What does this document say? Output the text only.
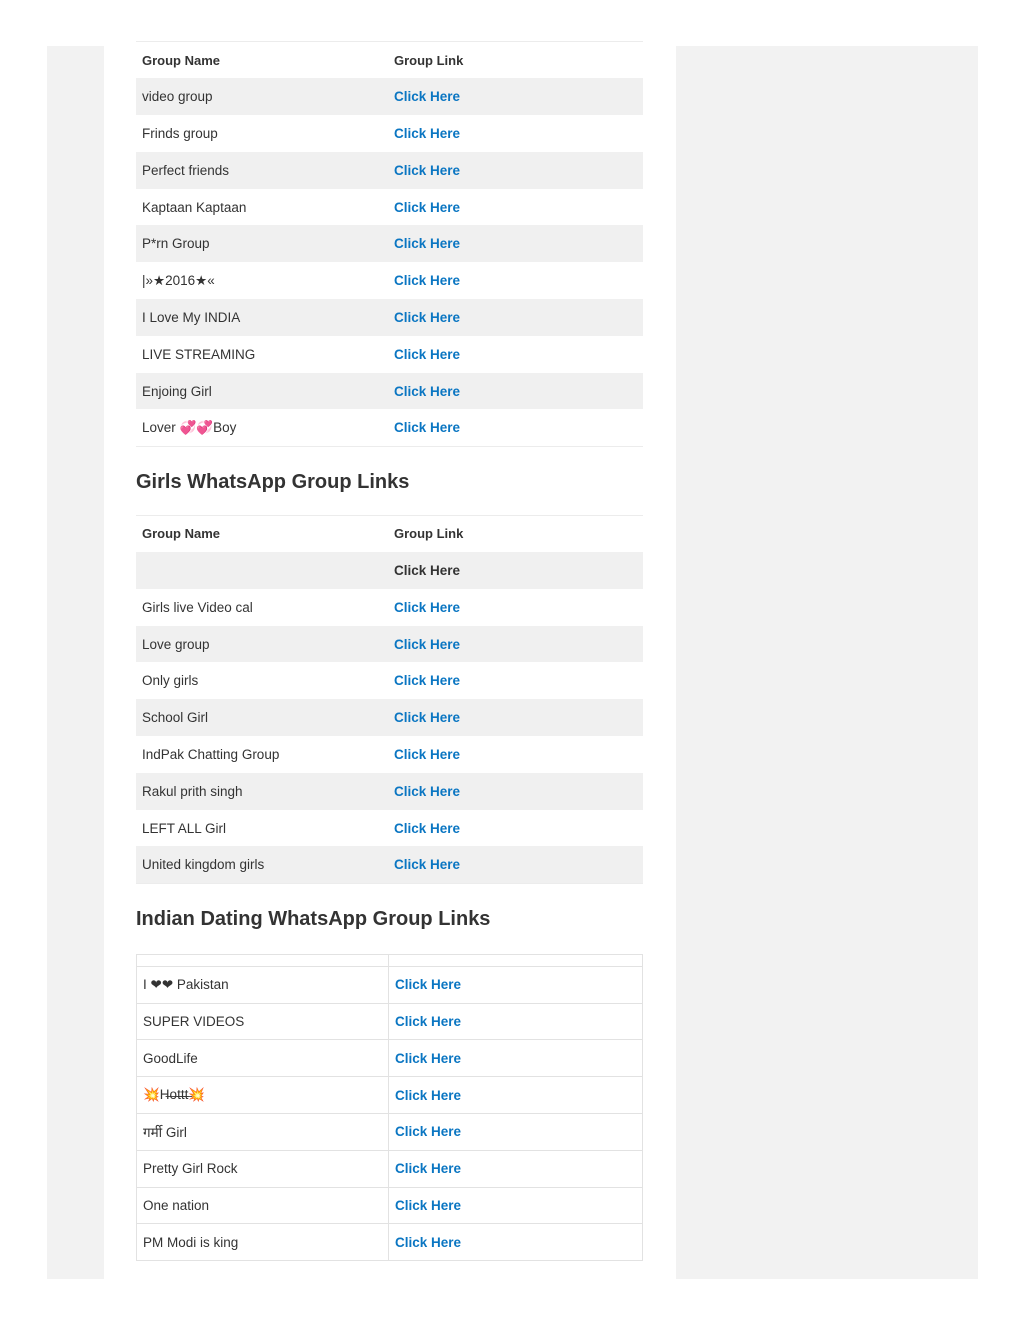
Group Name	Group Link
video group	Click Here
Frinds group	Click Here
Perfect friends	Click Here
Kaptaan Kaptaan	Click Here
P*rn Group	Click Here
|»★2016★«	Click Here
I Love My INDIA	Click Here
LIVE STREAMING	Click Here
Enjoing Girl	Click Here
Lover 💞💞Boy	Click Here
Girls WhatsApp Group Links
Group Name	Group Link
	Click Here
Girls live Video cal	Click Here
Love group	Click Here
Only girls	Click Here
School Girl	Click Here
IndPak Chatting Group	Click Here
Rakul prith singh	Click Here
LEFT ALL Girl	Click Here
United kingdom girls	Click Here
Indian Dating WhatsApp Group Links

I ❤❤ Pakistan	Click Here
SUPER VIDEOS	Click Here
GoodLife	Click Here
💥H̶o̶t̶t̶t̶💥	Click Here
गर्मी Girl	Click Here
Pretty Girl Rock	Click Here
One nation	Click Here
PM Modi is king	Click Here
